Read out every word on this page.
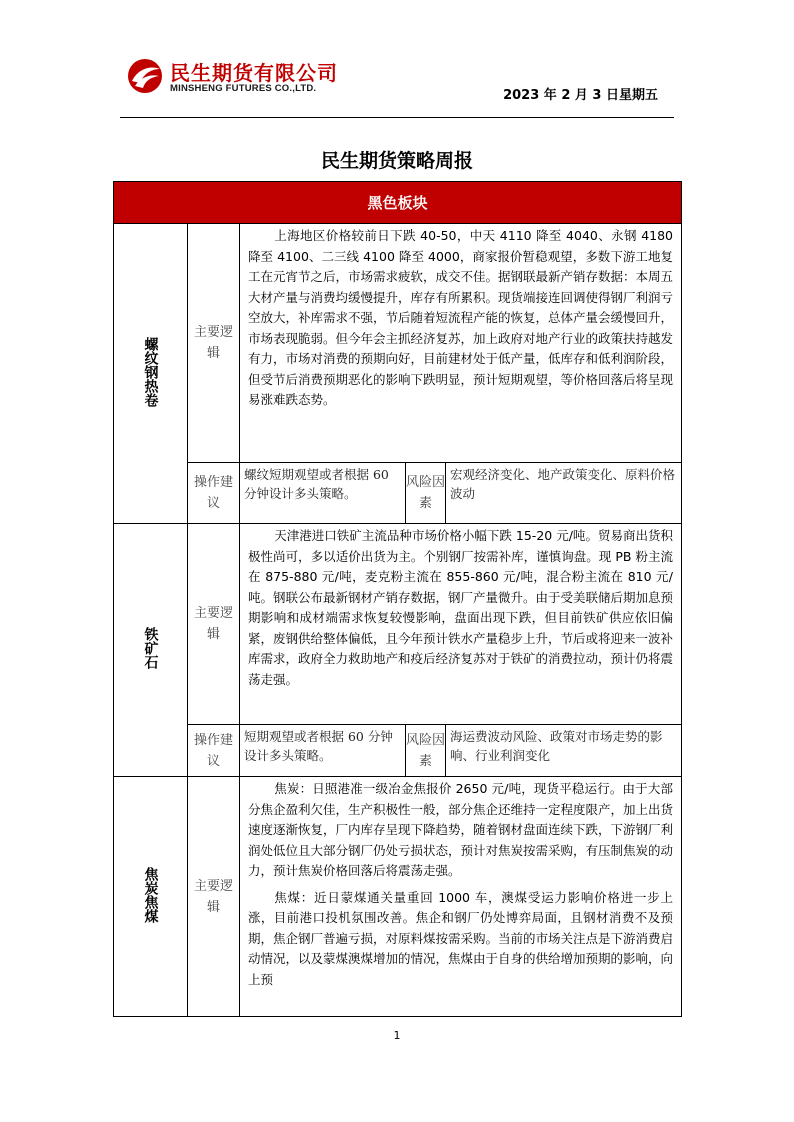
民生期货有限公司
MINSHENG FUTURES CO.,LTD.	2023 年 2 月 3 日星期五
民生期货策略周报
黑色板块				
螺纹钢热卷	主要逻辑	上海地区价格较前日下跌 40-50，中天 4110 降至 4040、永钢 4180 降至 4100、二三线 4100 降至 4000，商家报价暂稳观望，多数下游工地复工在元宵节之后，市场需求疲软，成交不佳。据钢联最新产销存数据：本周五大材产量与消费均缓慢提升，库存有所累积。现货端接连回调使得钢厂利润亏空放大，补库需求不强，节后随着短流程产能的恢复，总体产量会缓慢回升，市场表现脆弱。但今年会主抓经济复苏，加上政府对地产行业的政策扶持越发有力，市场对消费的预期向好，目前建材处于低产量，低库存和低利润阶段，但受节后消费预期恶化的影响下跌明显，预计短期观望，等价格回落后将呈现易涨难跌态势。		

	操作建议	螺纹短期观望或者根据 60 分钟设计多头策略。	风险因素	宏观经济变化、地产政策变化、原料价格波动
铁矿石	主要逻辑	天津港进口铁矿主流品种市场价格小幅下跌 15-20 元/吨。贸易商出货积极性尚可，多以适价出货为主。个别钢厂按需补库，谨慎询盘。现 PB 粉主流在 875-880 元/吨，麦克粉主流在 855-860 元/吨，混合粉主流在 810 元/吨。钢联公布最新钢材产销存数据，钢厂产量微升。由于受美联储后期加息预期影响和成材端需求恢复较慢影响，盘面出现下跌，但目前铁矿供应依旧偏紧，废钢供给整体偏低，且今年预计铁水产量稳步上升，节后或将迎来一波补库需求，政府全力救助地产和疫后经济复苏对于铁矿的消费拉动，预计仍将震荡走强。		

	操作建议	短期观望或者根据 60 分钟设计多头策略。	风险因素	海运费波动风险、政策对市场走势的影响、行业利润变化
焦炭焦煤	主要逻辑	焦炭：日照港准一级冶金焦报价 2650 元/吨，现货平稳运行。由于大部分焦企盈利欠佳，生产积极性一般，部分焦企还维持一定程度限产，加上出货速度逐渐恢复，厂内库存呈现下降趋势，随着钢材盘面连续下跌，下游钢厂利润处低位且大部分钢厂仍处亏损状态，预计对焦炭按需采购，有压制焦炭的动力，预计焦炭价格回落后将震荡走强。

焦煤：近日蒙煤通关量重回 1000 车，澳煤受运力影响价格进一步上涨，目前港口投机氛围改善。焦企和钢厂仍处博弈局面，且钢材消费不及预期，焦企钢厂普遍亏损，对原料煤按需采购。当前的市场关注点是下游消费启动情况，以及蒙煤澳煤增加的情况，焦煤由于自身的供给增加预期的影响，向上预		

1
